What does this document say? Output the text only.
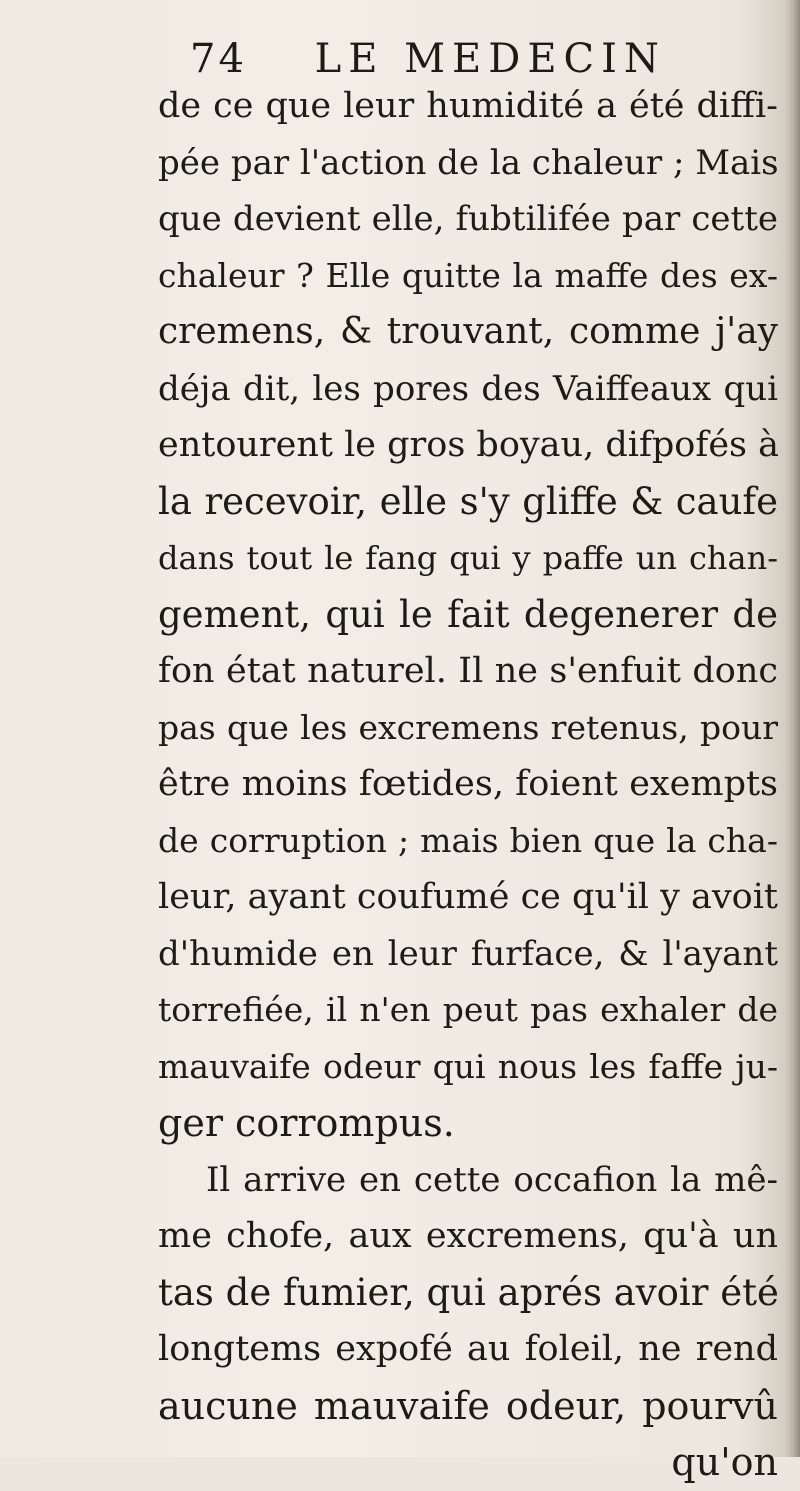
74 LE MEDECIN
de ce que leur humidité a été diffi-
pée par l'action de la chaleur ; Mais
que devient elle, fubtilifée par cette
chaleur ? Elle quitte la maffe des ex-
cremens, & trouvant, comme j'ay
déja dit, les pores des Vaiffeaux qui
entourent le gros boyau, difpofés à
la recevoir, elle s'y gliffe & caufe
dans tout le fang qui y paffe un chan-
gement, qui le fait degenerer de
fon état naturel. Il ne s'enfuit donc
pas que les excremens retenus, pour
être moins fœtides, foient exempts
de corruption ; mais bien que la cha-
leur, ayant coufumé ce qu'il y avoit
d'humide en leur furface, & l'ayant
torrefiée, il n'en peut pas exhaler de
mauvaife odeur qui nous les faffe ju-
ger corrompus.
Il arrive en cette occafion la mê-
me chofe, aux excremens, qu'à un
tas de fumier, qui aprés avoir été
longtems expofé au foleil, ne rend
aucune mauvaife odeur, pourvû
qu'on
